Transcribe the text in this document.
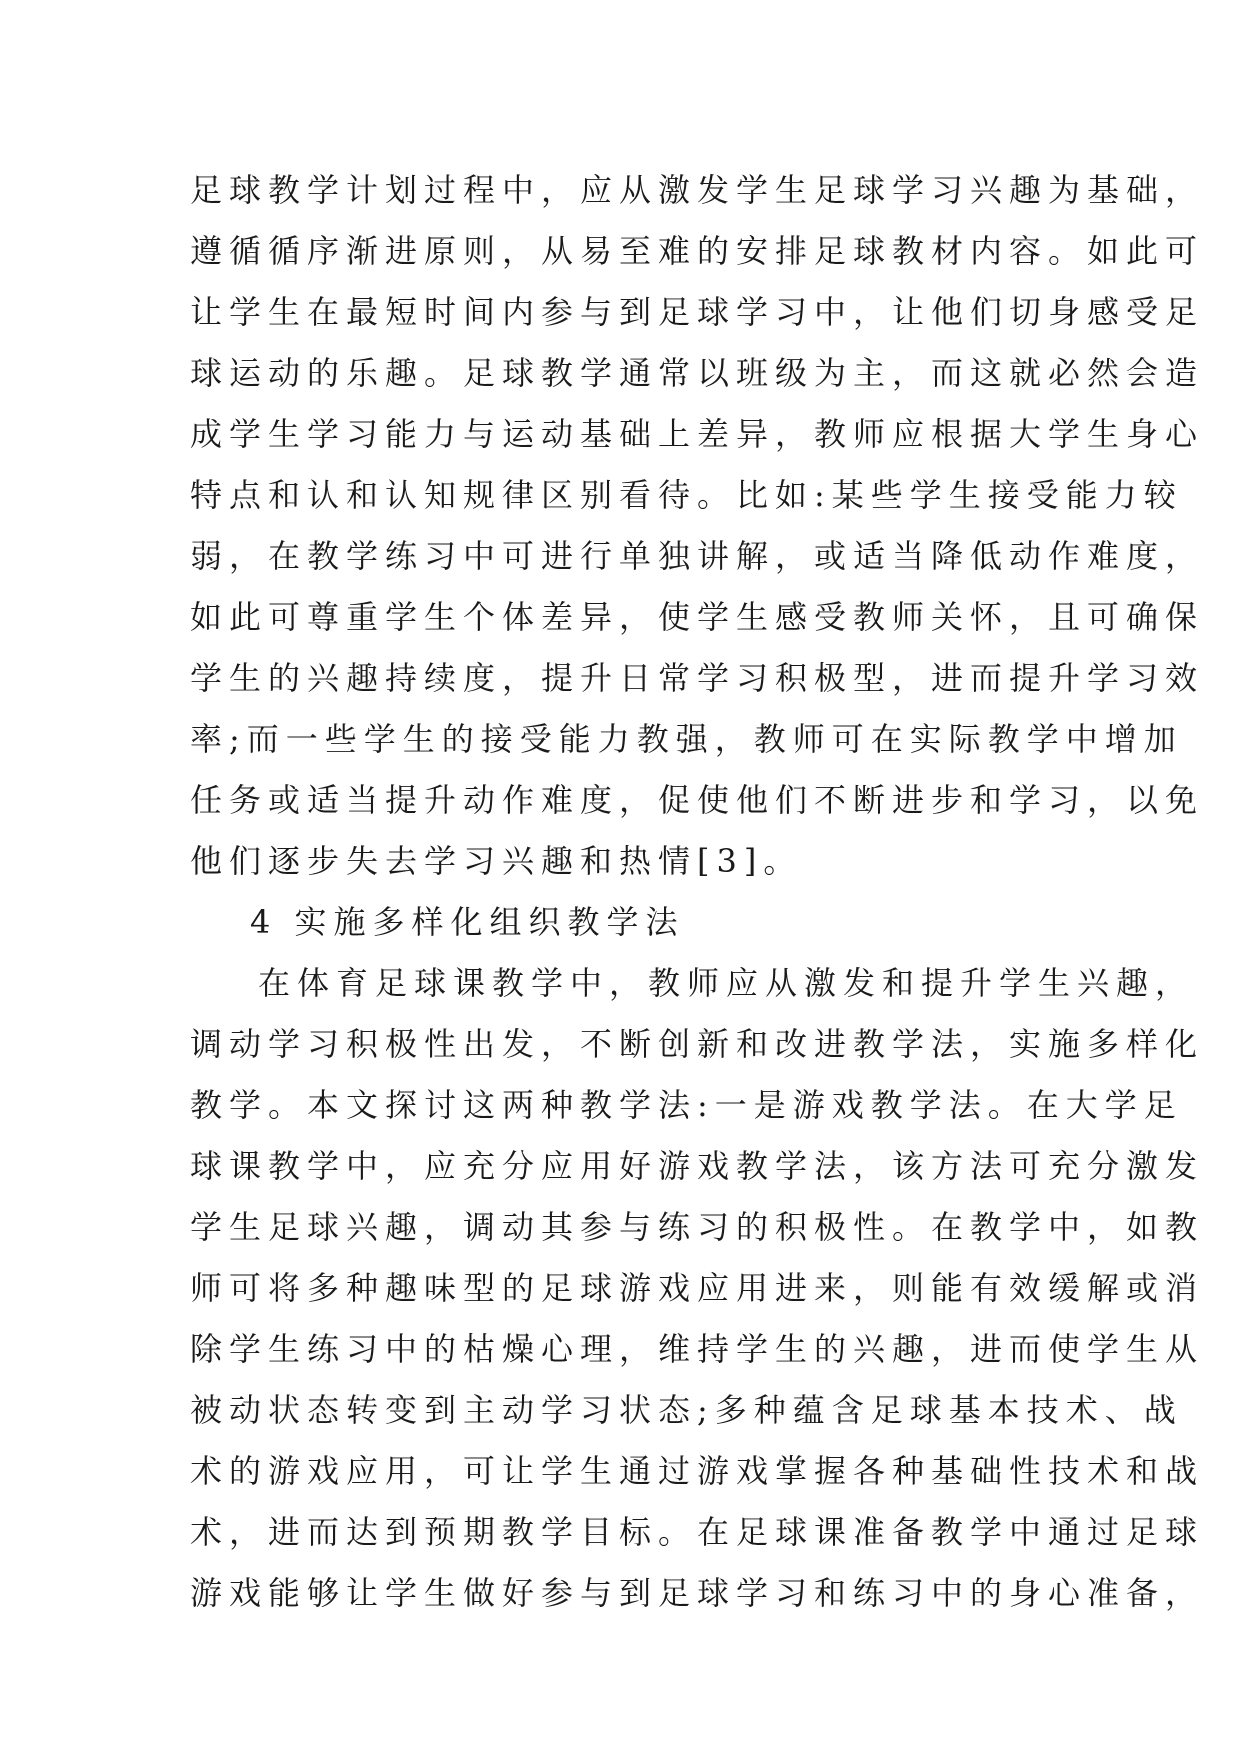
足球教学计划过程中，应从激发学生足球学习兴趣为基础，
遵循循序渐进原则，从易至难的安排足球教材内容。如此可
让学生在最短时间内参与到足球学习中，让他们切身感受足
球运动的乐趣。足球教学通常以班级为主，而这就必然会造
成学生学习能力与运动基础上差异，教师应根据大学生身心
特点和认和认知规律区别看待。比如:某些学生接受能力较
弱，在教学练习中可进行单独讲解，或适当降低动作难度，
如此可尊重学生个体差异，使学生感受教师关怀，且可确保
学生的兴趣持续度，提升日常学习积极型，进而提升学习效
率;而一些学生的接受能力教强，教师可在实际教学中增加
任务或适当提升动作难度，促使他们不断进步和学习，以免
他们逐步失去学习兴趣和热情[3]。
4 实施多样化组织教学法
在体育足球课教学中，教师应从激发和提升学生兴趣，
调动学习积极性出发，不断创新和改进教学法，实施多样化
教学。本文探讨这两种教学法:一是游戏教学法。在大学足
球课教学中，应充分应用好游戏教学法，该方法可充分激发
学生足球兴趣，调动其参与练习的积极性。在教学中，如教
师可将多种趣味型的足球游戏应用进来，则能有效缓解或消
除学生练习中的枯燥心理，维持学生的兴趣，进而使学生从
被动状态转变到主动学习状态;多种蕴含足球基本技术、战
术的游戏应用，可让学生通过游戏掌握各种基础性技术和战
术，进而达到预期教学目标。在足球课准备教学中通过足球
游戏能够让学生做好参与到足球学习和练习中的身心准备，
